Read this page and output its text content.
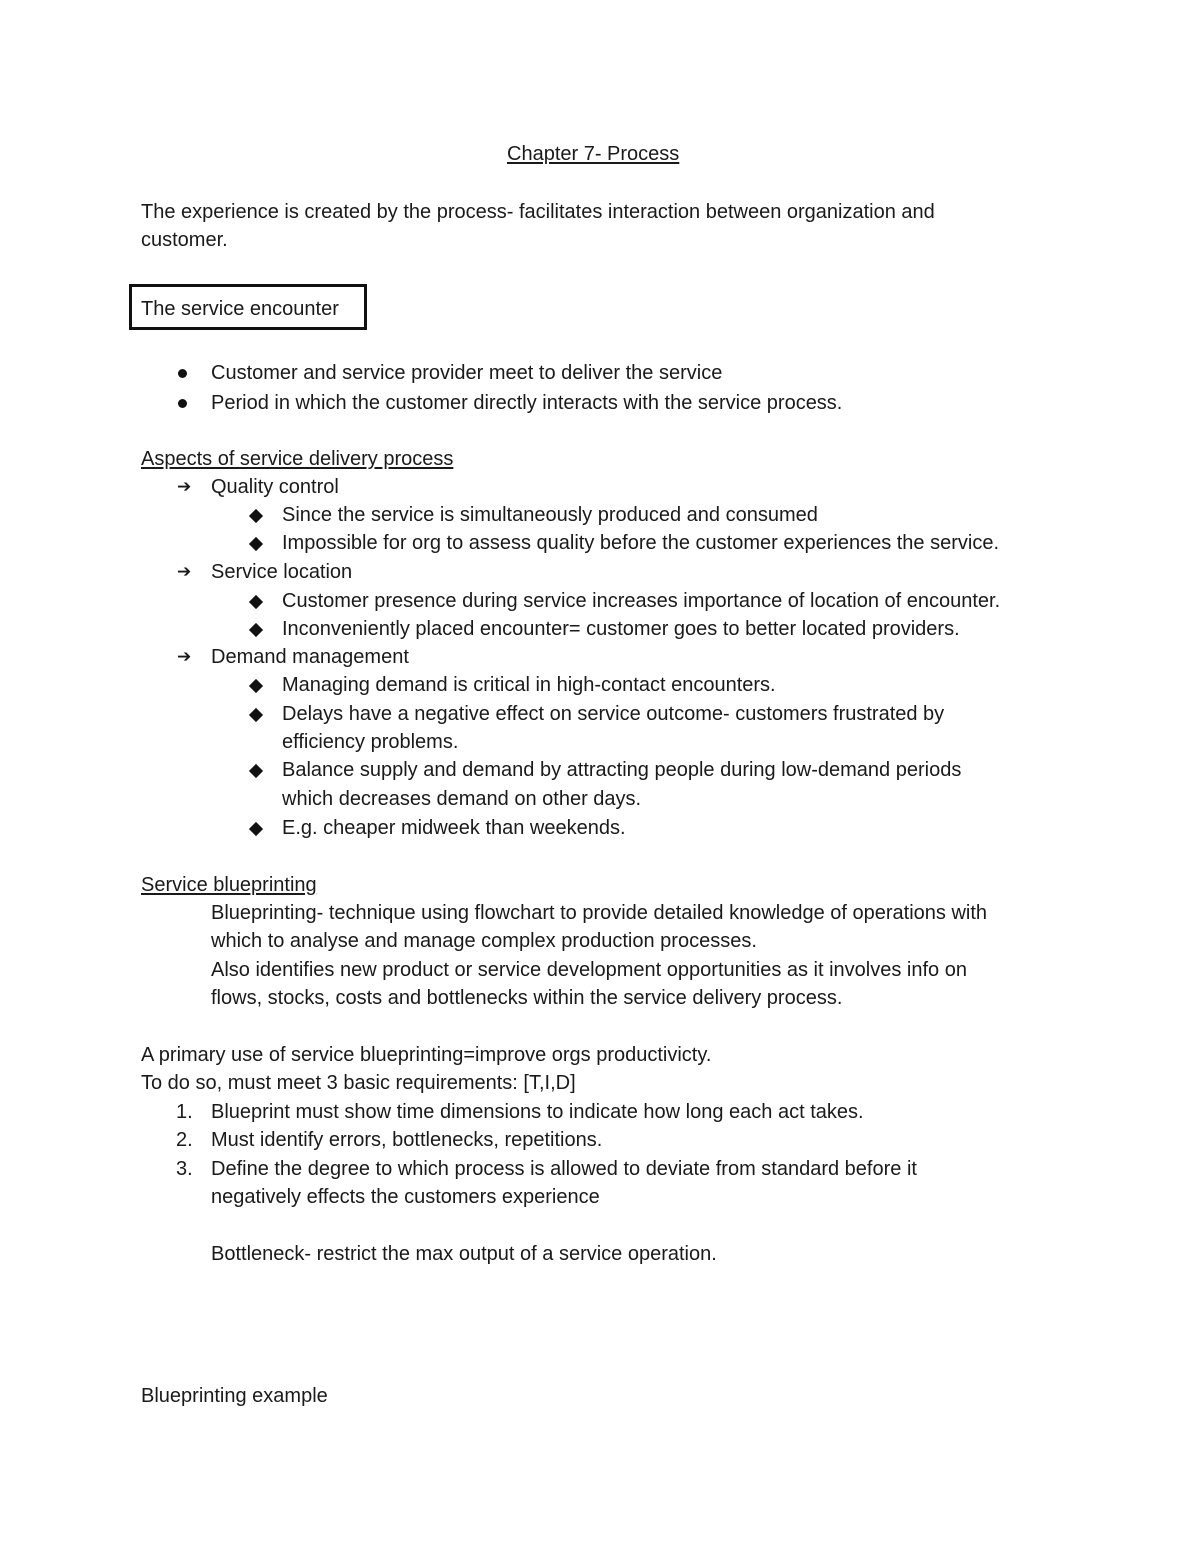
Chapter 7- Process
The experience is created by the process- facilitates interaction between organization and
customer.
The service encounter
Customer and service provider meet to deliver the service
Period in which the customer directly interacts with the service process.
Aspects of service delivery process
➔ Quality control
Since the service is simultaneously produced and consumed
Impossible for org to assess quality before the customer experiences the service.
➔ Service location
Customer presence during service increases importance of location of encounter.
Inconveniently placed encounter= customer goes to better located providers.
➔ Demand management
Managing demand is critical in high-contact encounters.
Delays have a negative effect on service outcome- customers frustrated by
efficiency problems.
Balance supply and demand by attracting people during low-demand periods
which decreases demand on other days.
E.g. cheaper midweek than weekends.
Service blueprinting
Blueprinting- technique using flowchart to provide detailed knowledge of operations with
which to analyse and manage complex production processes.
Also identifies new product or service development opportunities as it involves info on
flows, stocks, costs and bottlenecks within the service delivery process.
A primary use of service blueprinting=improve orgs productivicty.
To do so, must meet 3 basic requirements: [T,I,D]
1. Blueprint must show time dimensions to indicate how long each act takes.
2. Must identify errors, bottlenecks, repetitions.
3. Define the degree to which process is allowed to deviate from standard before it
negatively effects the customers experience
Bottleneck- restrict the max output of a service operation.
Blueprinting example
